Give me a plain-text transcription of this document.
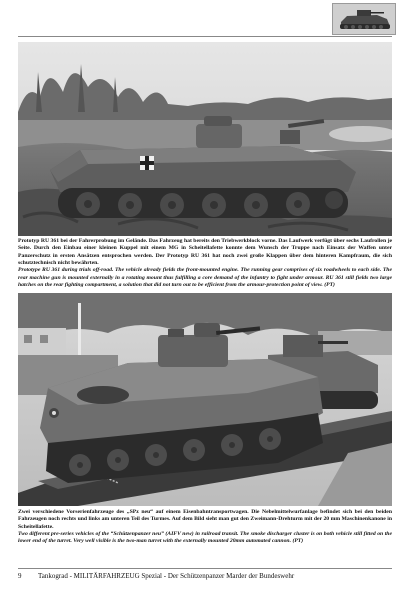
Prototyp RU 361 bei der Fahrerprobung im Gelände. Das Fahrzeug hat bereits den Triebwerkblock vorne. Das Laufwerk verfügt über sechs Laufrollen je Seite. Durch den Einbau einer kleinen Kuppel mit einem MG in Scheitellafette konnte dem Wunsch der Truppe nach Einsatz der Waffen unter Panzerschutz in ersten Ansätzen entsprochen werden. Der Prototyp RU 361 hat noch zwei große Klappen über dem hinteren Kampfraum, die sich schutztechnisch nicht bewährten.

Prototype RU 361 during trials off-road. The vehicle already fields the front-mounted engine. The running gear comprises of six roadwheels to each side. The rear machine gun is mounted externally in a rotating mount thus fulfilling a core demand of the infantry to fight under armour. RU 361 still fields two large hatches on the rear fighting compartment, a solution that did not turn out to be efficient from the armour-protection point of view. (PT)

Zwei verschiedene Vorserienfahrzeuge des „SPz neu“ auf einem Eisenbahntransportwagen. Die Nebelmittelwurfanlage befindet sich bei den beiden Fahrzeugen noch rechts und links am unteren Teil des Turmes. Auf dem Bild sieht man gut den Zweimann-Drehturm mit der 20 mm Maschinenkanone in Scheitellafette.

Two different pre-series vehicles of the “Schützenpanzer neu” (AIFV new) in railroad transit. The smoke discharger cluster is on both vehicle still fitted on the lower end of the turret. Very well visible is the two-man turret with the externally mounted 20mm automated cannon. (PT)

9 Tankograd - MILITÄRFAHRZEUG Spezial - Der Schützenpanzer Marder der Bundeswehr
